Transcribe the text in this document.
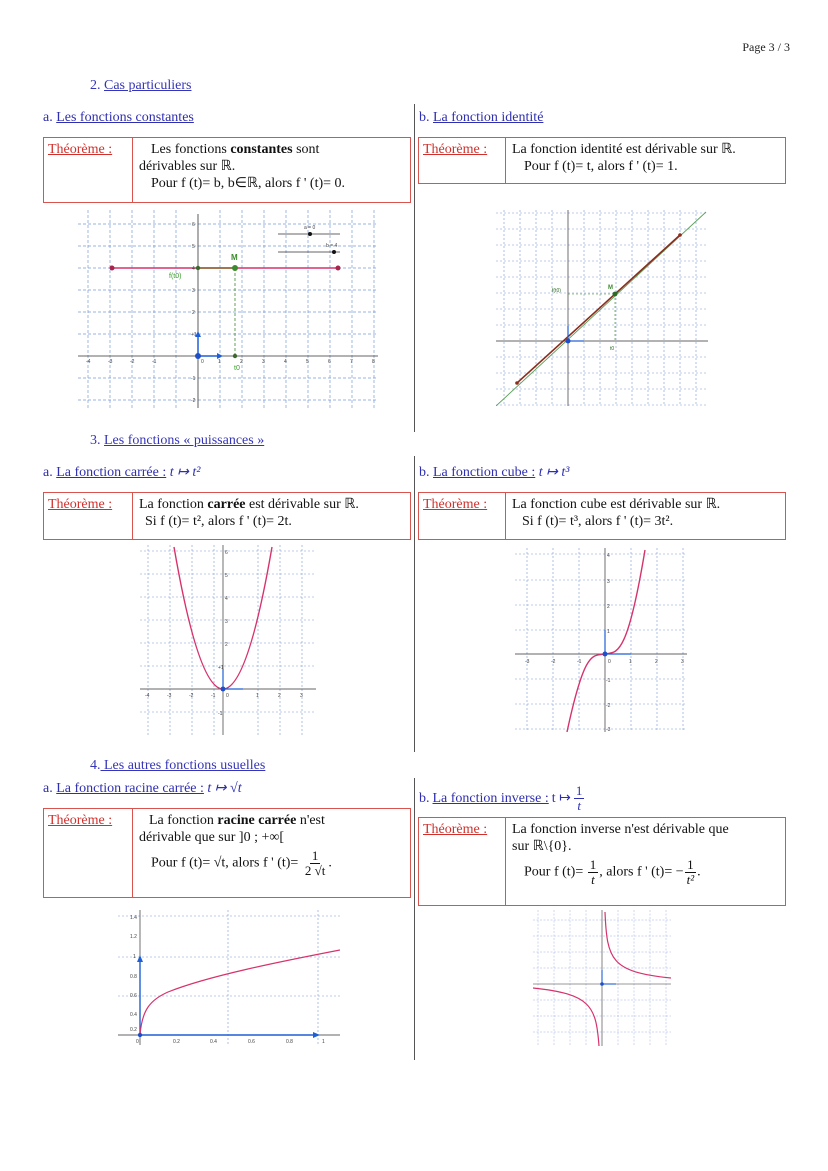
Page 3 / 3
2. Cas particuliers
a. Les fonctions constantes
Théorème :	Les fonctions constantes sont
dérivables sur ℝ.
Pour f (t)= b, b∈ℝ, alors f ' (t)= 0.
b. La fonction identité
Théorème :	La fonction identité est dérivable sur ℝ.
Pour f (t)= t, alors f ' (t)= 1.
M
f(t0)
t0
a = 0
b = 4
-4	-3	-2	-1	0	1	2	3	4	5	6	7	8
6
5
4
3
2
+1
-1
-2
M
f(t0)
t0
3. Les fonctions « puissances »
a. La fonction carrée : t ↦ t²
Théorème :	La fonction carrée est dérivable sur ℝ.
Si f (t)= t², alors f ' (t)= 2t.
b. La fonction cube : t ↦ t³
Théorème :	La fonction cube est dérivable sur ℝ.
Si f (t)= t³, alors f ' (t)= 3t².
-4	-3	-2	-1 0	1	2	3
6
5
4
3
2
+1
-1
-3	-2	-1	0	1	2	3
4
3
2
1
-1
-2
-3
4. Les autres fonctions usuelles
a. La fonction racine carrée : t ↦ √t
Théorème :	La fonction racine carrée n'est
dérivable que sur ]0 ; +∞[
Pour f (t)= √t, alors f ' $(t)= \frac{1}{2 √t}$ .
b. La fonction inverse : t ↦ $\frac{1}{t}$
Théorème :	La fonction inverse n'est dérivable que
sur ℝ\{0}.
Pour f $(t)= \frac{1}{t}$ , alors f ' $(t)= - \frac{1}{\text{t²}}$ .
1.4
1.2
1
0.8
0.6
0.4
0.2
0	0.2	0.4	0.6	0.8	1
